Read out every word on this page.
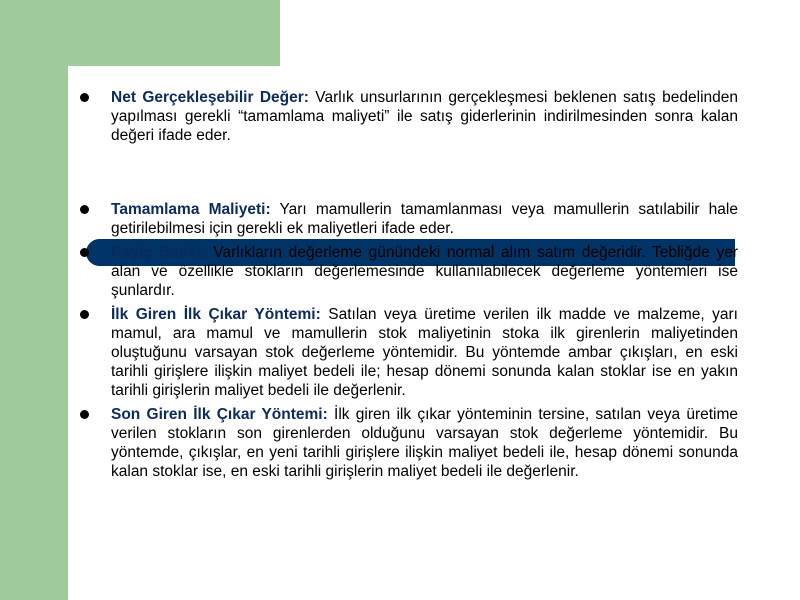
Net Gerçekleşebilir Değer: Varlık unsurlarının gerçekleşmesi beklenen satış bedelinden yapılması gerekli “tamamlama maliyeti” ile satış giderlerinin indirilmesinden sonra kalan değeri ifade eder.
Tamamlama Maliyeti: Yarı mamullerin tamamlanması veya mamullerin satılabilir hale getirilebilmesi için gerekli ek maliyetleri ifade eder.
Rayiç Bedel: Varlıkların değerleme günündeki normal alım satım değeridir. Tebliğde yer alan ve özellikle stokların değerlemesinde kullanılabilecek değerleme yöntemleri ise şunlardır.
İlk Giren İlk Çıkar Yöntemi: Satılan veya üretime verilen ilk madde ve malzeme, yarı mamul, ara mamul ve mamullerin stok maliyetinin stoka ilk girenlerin maliyetinden oluştuğunu varsayan stok değerleme yöntemidir. Bu yöntemde ambar çıkışları, en eski tarihli girişlere ilişkin maliyet bedeli ile; hesap dönemi sonunda kalan stoklar ise en yakın tarihli girişlerin maliyet bedeli ile değerlenir.
Son Giren İlk Çıkar Yöntemi: İlk giren ilk çıkar yönteminin tersine, satılan veya üretime verilen stokların son girenlerden olduğunu varsayan stok değerleme yöntemidir. Bu yöntemde, çıkışlar, en yeni tarihli girişlere ilişkin maliyet bedeli ile, hesap dönemi sonunda kalan stoklar ise, en eski tarihli girişlerin maliyet bedeli ile değerlenir.
